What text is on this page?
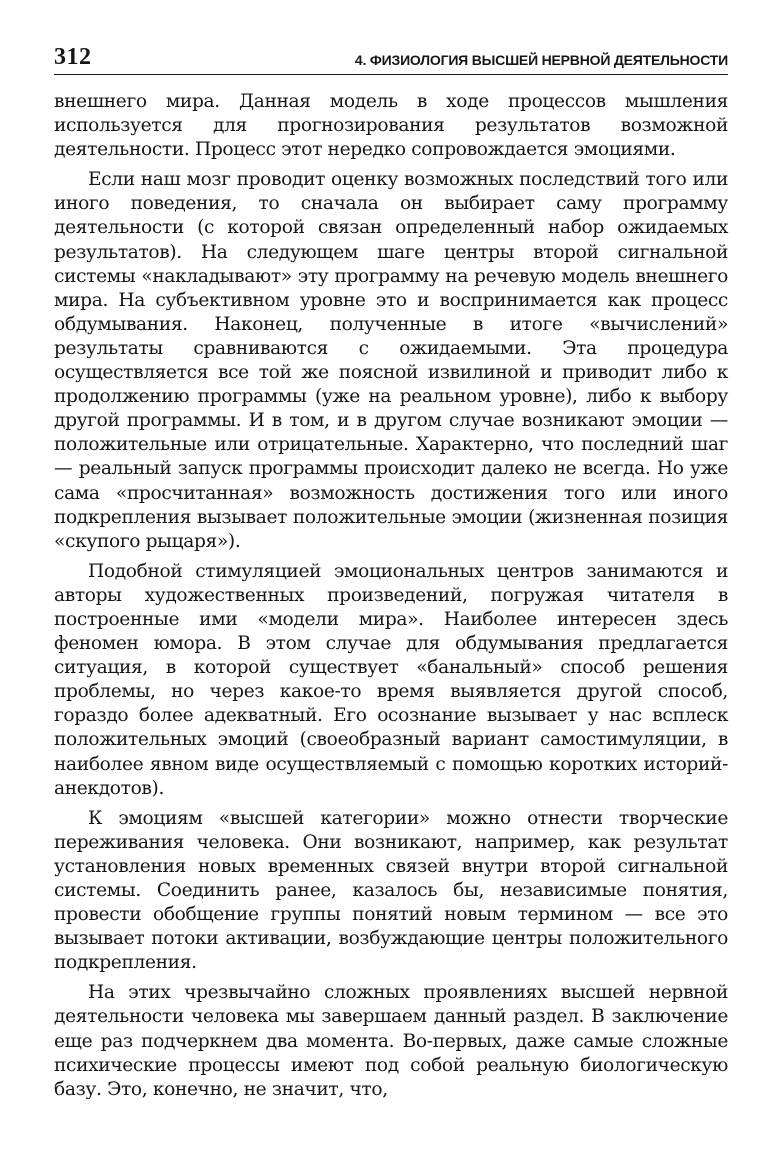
312	4. ФИЗИОЛОГИЯ ВЫСШЕЙ НЕРВНОЙ ДЕЯТЕЛЬНОСТИ

внешнего мира. Данная модель в ходе процессов мышления используется для прогнозирования результатов возможной деятельности. Процесс этот нередко сопровождается эмоциями.

Если наш мозг проводит оценку возможных последствий того или иного поведения, то сначала он выбирает саму программу деятельности (с которой связан определенный набор ожидаемых результатов). На следующем шаге центры второй сигнальной системы «накладывают» эту программу на речевую модель внешнего мира. На субъективном уровне это и воспринимается как процесс обдумывания. Наконец, полученные в итоге «вычислений» результаты сравниваются с ожидаемыми. Эта процедура осуществляется все той же поясной извилиной и приводит либо к продолжению программы (уже на реальном уровне), либо к выбору другой программы. И в том, и в другом случае возникают эмоции — положительные или отрицательные. Характерно, что последний шаг — реальный запуск программы происходит далеко не всегда. Но уже сама «просчитанная» возможность достижения того или иного подкрепления вызывает положительные эмоции (жизненная позиция «скупого рыцаря»).

Подобной стимуляцией эмоциональных центров занимаются и авторы художественных произведений, погружая читателя в построенные ими «модели мира». Наиболее интересен здесь феномен юмора. В этом случае для обдумывания предлагается ситуация, в которой существует «банальный» способ решения проблемы, но через какое-то время выявляется другой способ, гораздо более адекватный. Его осознание вызывает у нас всплеск положительных эмоций (своеобразный вариант самостимуляции, в наиболее явном виде осуществляемый с помощью коротких историй-анекдотов).

К эмоциям «высшей категории» можно отнести творческие переживания человека. Они возникают, например, как результат установления новых временных связей внутри второй сигнальной системы. Соединить ранее, казалось бы, независимые понятия, провести обобщение группы понятий новым термином — все это вызывает потоки активации, возбуждающие центры положительного подкрепления.

На этих чрезвычайно сложных проявлениях высшей нервной деятельности человека мы завершаем данный раздел. В заключение еще раз подчеркнем два момента. Во-первых, даже самые сложные психические процессы имеют под собой реальную биологическую базу. Это, конечно, не значит, что,
